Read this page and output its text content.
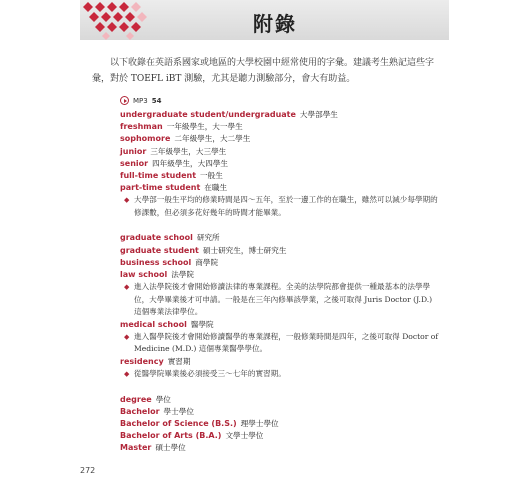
附錄
以下收錄在英語系國家或地區的大學校園中經常使用的字彙。建議考生熟記這些字彙，對於 TOEFL iBT 測驗，尤其是聽力測驗部分，會大有助益。
MP3 54
undergraduate student/undergraduate 大學部學生
freshman 一年級學生，大一學生
sophomore 二年級學生，大二學生
junior 三年級學生，大三學生
senior 四年級學生，大四學生
full-time student 一般生
part-time student 在職生
◆ 大學部一般生平均的修業時間是四～五年，至於一邊工作的在職生，雖然可以減少每學期的修課數，但必須多花好幾年的時間才能畢業。
graduate school 研究所
graduate student 碩士研究生，博士研究生
business school 商學院
law school 法學院
◆ 進入法學院後才會開始修讀法律的專業課程。全美的法學院都會提供一種最基本的法學學位，大學畢業後才可申請。一般是在三年內修畢該學業，之後可取得 Juris Doctor (J.D.) 這個專業法律學位。
medical school 醫學院
◆ 進入醫學院後才會開始修讀醫學的專業課程，一般修業時間是四年，之後可取得 Doctor of Medicine (M.D.) 這個專業醫學學位。
residency 實習期
◆ 從醫學院畢業後必須接受三～七年的實習期。
degree 學位
Bachelor 學士學位
Bachelor of Science (B.S.) 理學士學位
Bachelor of Arts (B.A.) 文學士學位
Master 碩士學位
272
